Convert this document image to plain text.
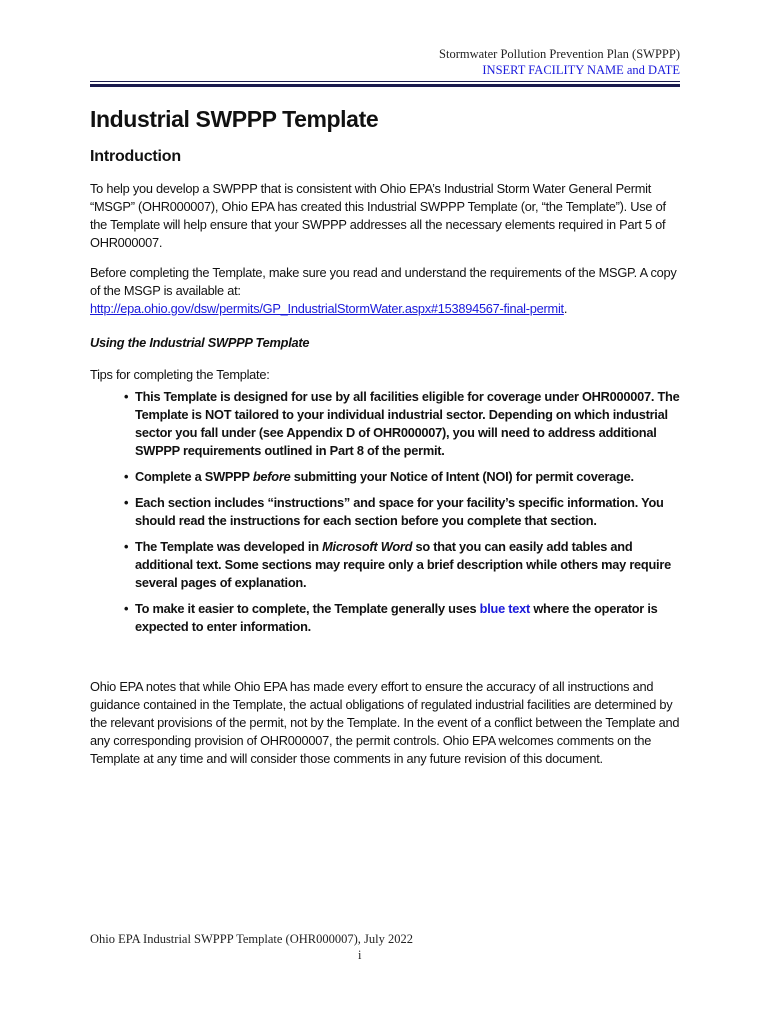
Stormwater Pollution Prevention Plan (SWPPP)
INSERT FACILITY NAME and DATE
Industrial SWPPP Template
Introduction

To help you develop a SWPPP that is consistent with Ohio EPA’s Industrial Storm Water General Permit “MSGP” (OHR000007), Ohio EPA has created this Industrial SWPPP Template (or, “the Template”). Use of the Template will help ensure that your SWPPP addresses all the necessary elements required in Part 5 of OHR000007.

Before completing the Template, make sure you read and understand the requirements of the MSGP. A copy of the MSGP is available at:
http://epa.ohio.gov/dsw/permits/GP_IndustrialStormWater.aspx#153894567-final-permit.

Using the Industrial SWPPP Template

Tips for completing the Template:

• This Template is designed for use by all facilities eligible for coverage under OHR000007. The Template is NOT tailored to your individual industrial sector. Depending on which industrial sector you fall under (see Appendix D of OHR000007), you will need to address additional SWPPP requirements outlined in Part 8 of the permit.
• Complete a SWPPP before submitting your Notice of Intent (NOI) for permit coverage.
• Each section includes “instructions” and space for your facility’s specific information. You should read the instructions for each section before you complete that section.
• The Template was developed in Microsoft Word so that you can easily add tables and additional text. Some sections may require only a brief description while others may require several pages of explanation.
• To make it easier to complete, the Template generally uses blue text where the operator is expected to enter information.

Ohio EPA notes that while Ohio EPA has made every effort to ensure the accuracy of all instructions and guidance contained in the Template, the actual obligations of regulated industrial facilities are determined by the relevant provisions of the permit, not by the Template. In the event of a conflict between the Template and any corresponding provision of OHR000007, the permit controls. Ohio EPA welcomes comments on the Template at any time and will consider those comments in any future revision of this document.

Ohio EPA Industrial SWPPP Template (OHR000007), July 2022
i
